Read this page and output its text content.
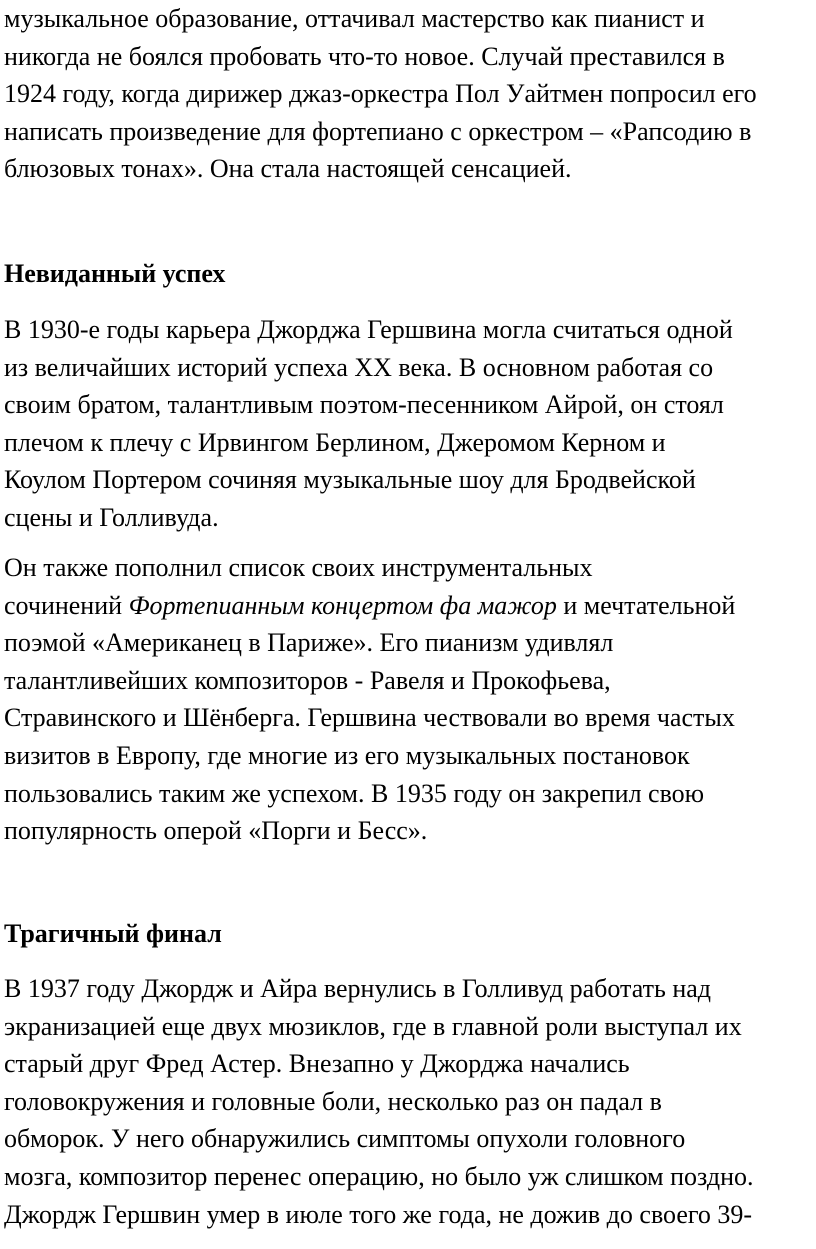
музыкальное образование, оттачивал мастерство как пианист и
никогда не боялся пробовать что-то новое. Случай преставился в
1924 году, когда дирижер джаз-оркестра Пол Уайтмен попросил его
написать произведение для фортепиано с оркестром – «Рапсодию в
блюзовых тонах». Она стала настоящей сенсацией.

Невиданный успех

В 1930-е годы карьера Джорджа Гершвина могла считаться одной
из величайших историй успеха XX века. В основном работая со
своим братом, талантливым поэтом-песенником Айрой, он стоял
плечом к плечу с Ирвингом Берлином, Джеромом Керном и
Коулом Портером сочиняя музыкальные шоу для Бродвейской
сцены и Голливуда.

Он также пополнил список своих инструментальных
сочинений Фортепианным концертом фа мажор и мечтательной
поэмой «Американец в Париже». Его пианизм удивлял
талантливейших композиторов - Равеля и Прокофьева,
Стравинского и Шёнберга. Гершвина чествовали во время частых
визитов в Европу, где многие из его музыкальных постановок
пользовались таким же успехом. В 1935 году он закрепил свою
популярность оперой «Порги и Бесс».

Трагичный финал

В 1937 году Джордж и Айра вернулись в Голливуд работать над
экранизацией еще двух мюзиклов, где в главной роли выступал их
старый друг Фред Астер. Внезапно у Джорджа начались
головокружения и головные боли, несколько раз он падал в
обморок. У него обнаружились симптомы опухоли головного
мозга, композитор перенес операцию, но было уж слишком поздно.
Джордж Гершвин умер в июле того же года, не дожив до своего 39-
